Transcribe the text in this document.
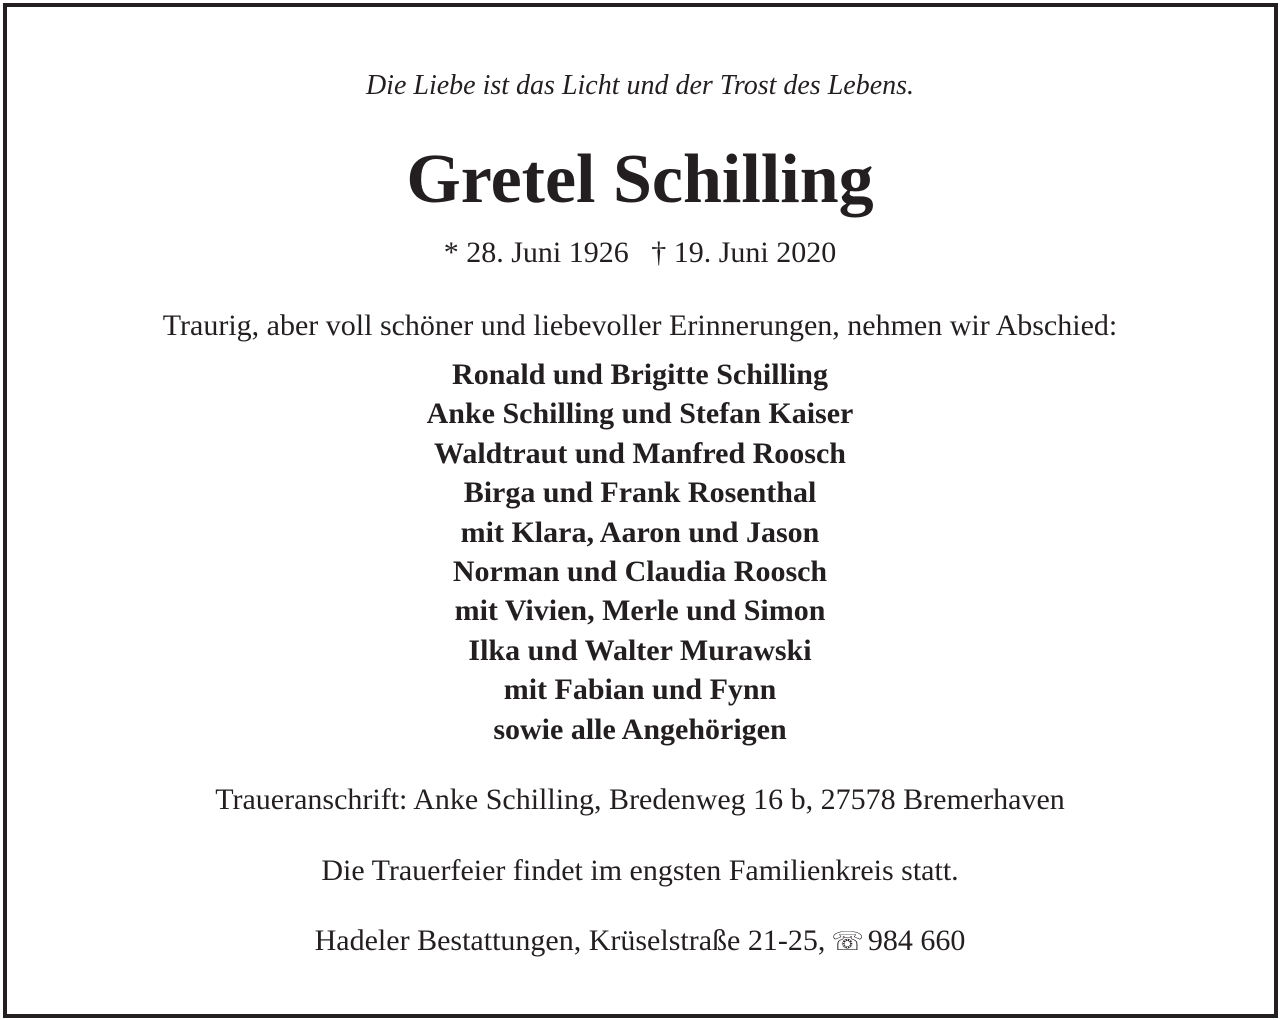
Die Liebe ist das Licht und der Trost des Lebens.
Gretel Schilling
* 28. Juni 1926   † 19. Juni 2020
Traurig, aber voll schöner und liebevoller Erinnerungen, nehmen wir Abschied:
Ronald und Brigitte Schilling
Anke Schilling und Stefan Kaiser
Waldtraut und Manfred Roosch
Birga und Frank Rosenthal
mit Klara, Aaron und Jason
Norman und Claudia Roosch
mit Vivien, Merle und Simon
Ilka und Walter Murawski
mit Fabian und Fynn
sowie alle Angehörigen
Traueranschrift: Anke Schilling, Bredenweg 16 b, 27578 Bremerhaven
Die Trauerfeier findet im engsten Familienkreis statt.
Hadeler Bestattungen, Krüselstraße 21-25, ☏ 984 660
